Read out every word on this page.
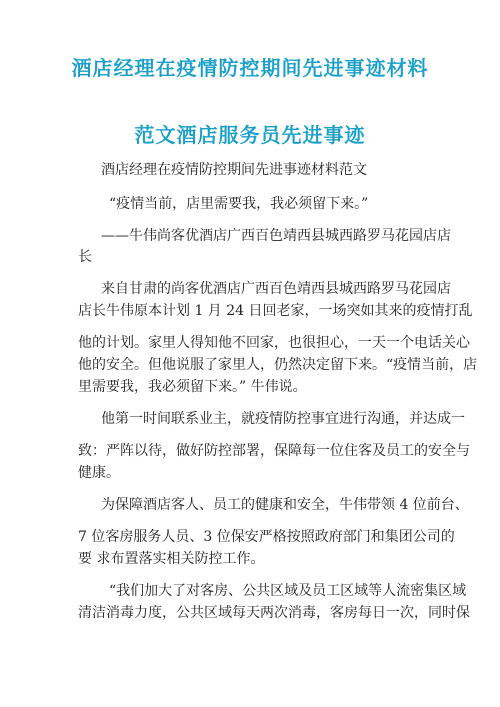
酒店经理在疫情防控期间先进事迹材料
范文酒店服务员先进事迹

酒店经理在疫情防控期间先进事迹材料范文

“疫情当前，店里需要我，我必须留下来。”

——牛伟尚客优酒店广西百色靖西县城西路罗马花园店店

长

来自甘肃的尚客优酒店广西百色靖西县城西路罗马花园店

店长牛伟原本计划 1 月 24 日回老家，一场突如其来的疫情打乱

他的计划。家里人得知他不回家，也很担心，一天一个电话关心

他的安全。但他说服了家里人，仍然决定留下来。“疫情当前，店

里需要我，我必须留下来。” 牛伟说。

他第一时间联系业主，就疫情防控事宜进行沟通，并达成一

致：严阵以待，做好防控部署，保障每一位住客及员工的安全与

健康。

为保障酒店客人、员工的健康和安全，牛伟带领 4 位前台、

7 位客房服务人员、3 位保安严格按照政府部门和集团公司的

要 求布置落实相关防控工作。

“我们加大了对客房、公共区域及员工区域等人流密集区域

清洁消毒力度，公共区域每天两次消毒，客房每日一次，同时保
